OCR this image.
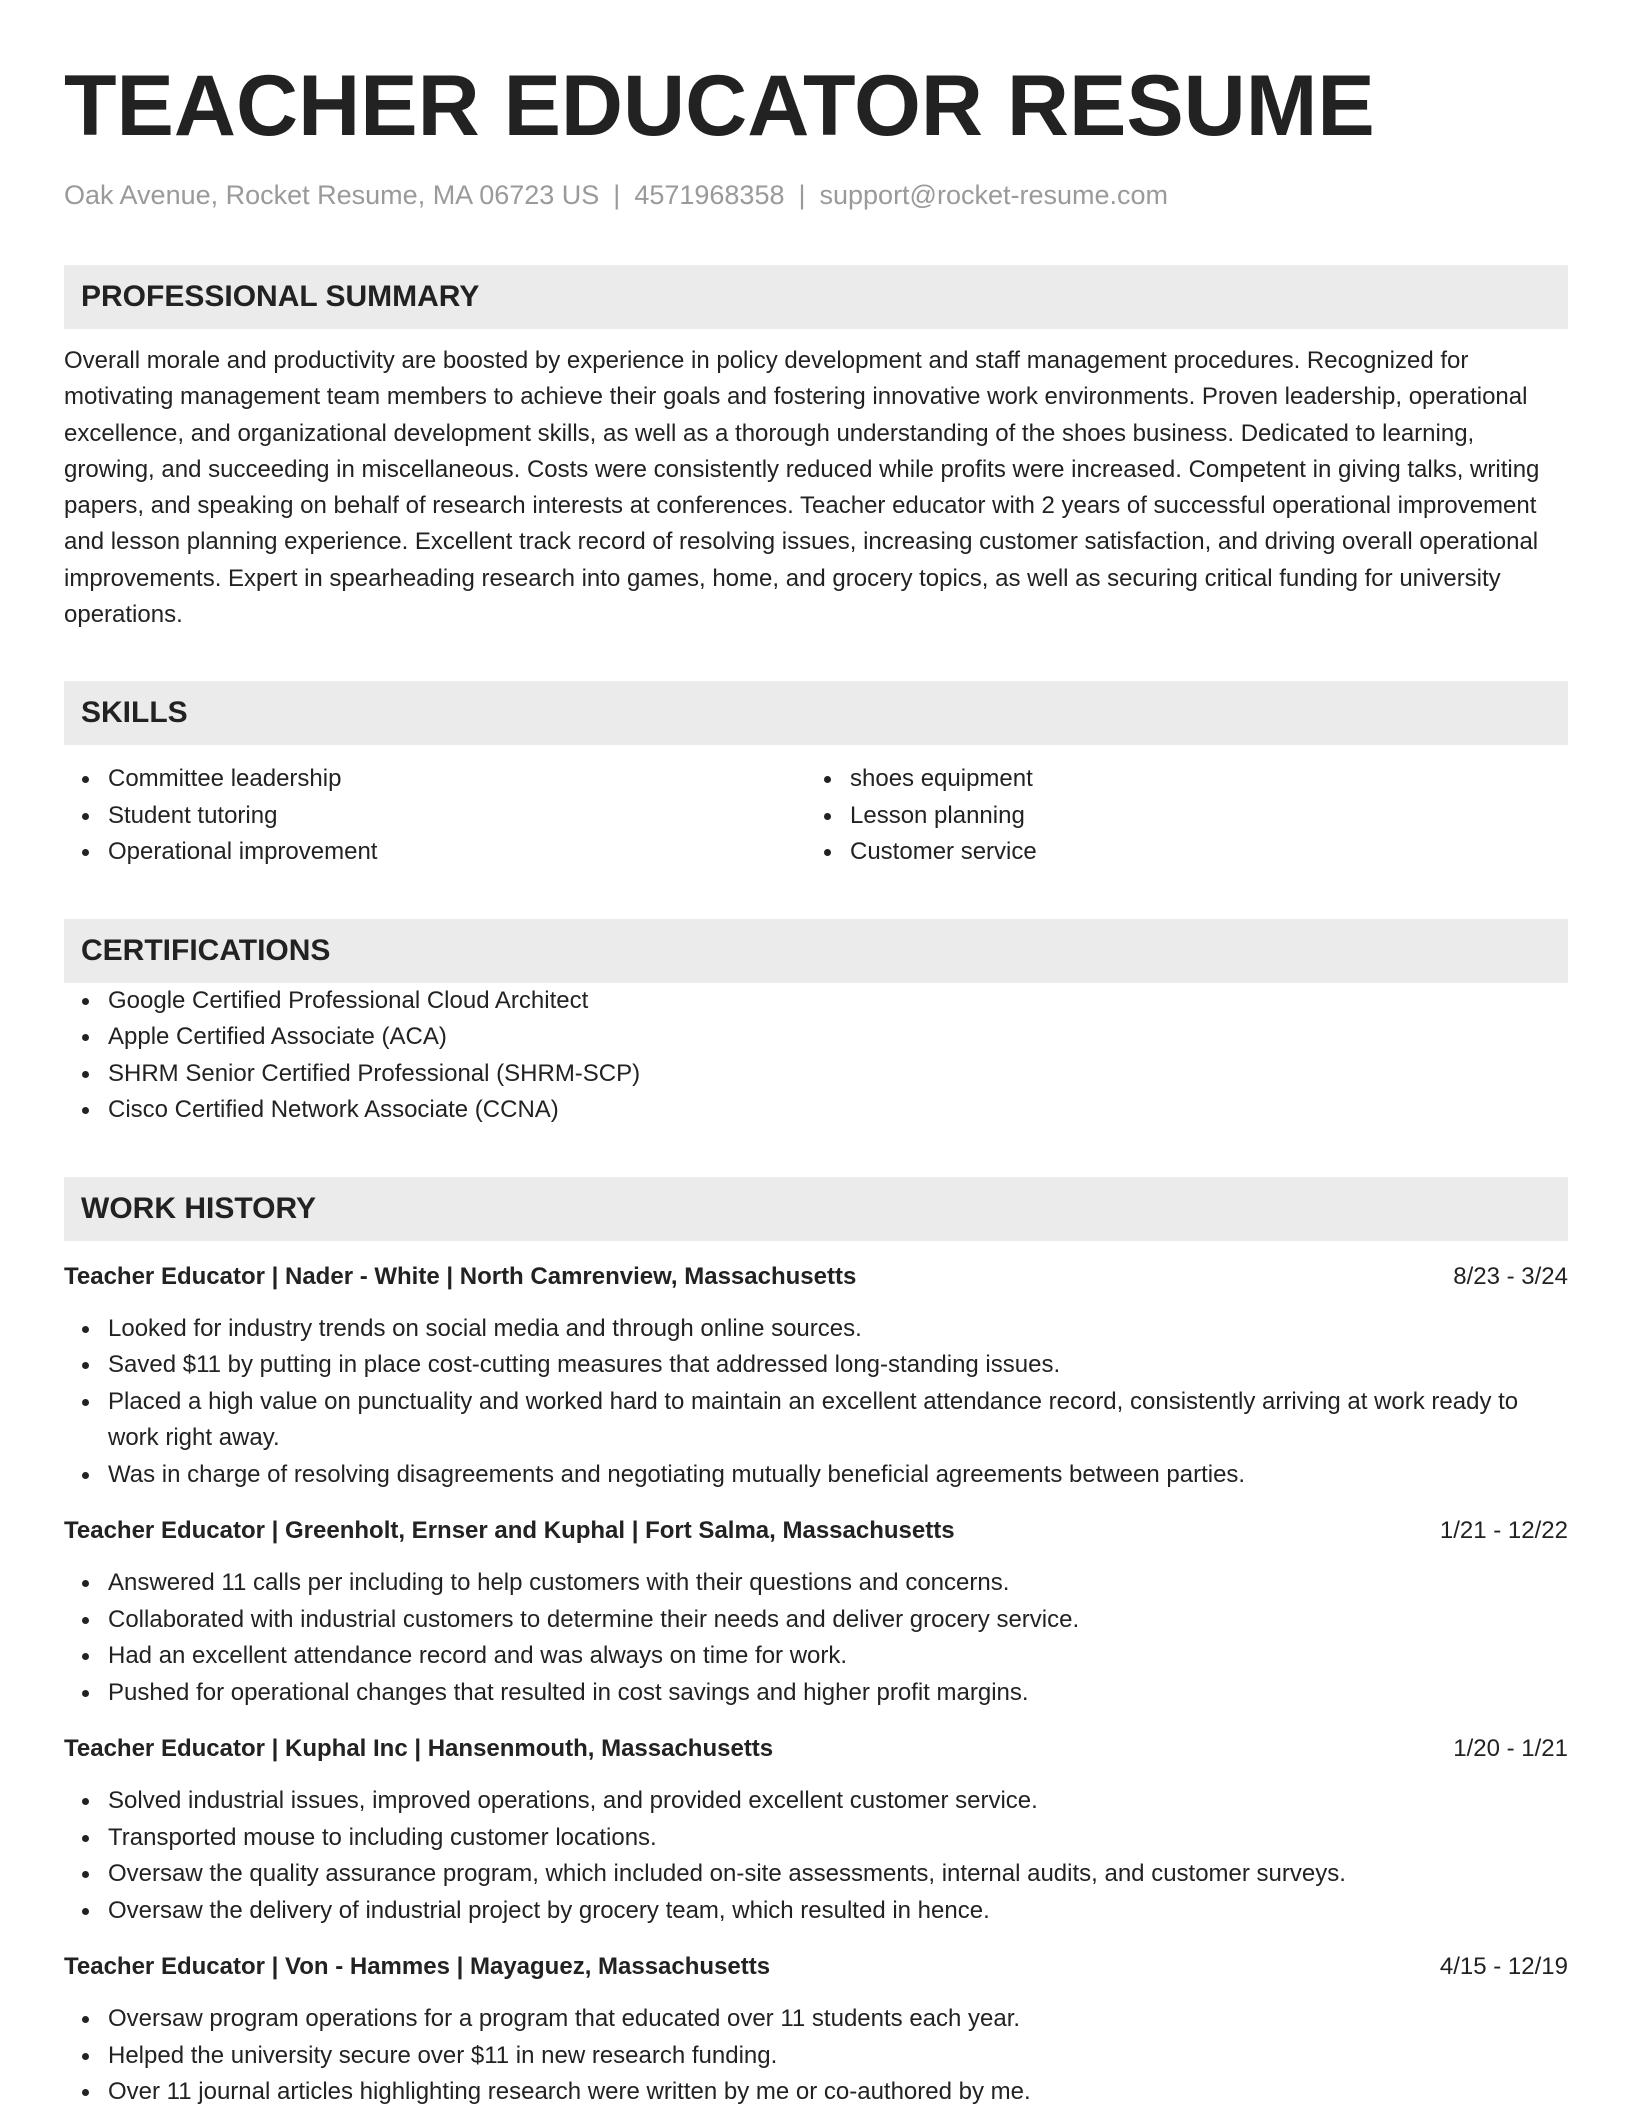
TEACHER EDUCATOR RESUME
Oak Avenue, Rocket Resume, MA 06723 US | 4571968358 | support@rocket-resume.com
PROFESSIONAL SUMMARY
Overall morale and productivity are boosted by experience in policy development and staff management procedures. Recognized for motivating management team members to achieve their goals and fostering innovative work environments. Proven leadership, operational excellence, and organizational development skills, as well as a thorough understanding of the shoes business. Dedicated to learning, growing, and succeeding in miscellaneous. Costs were consistently reduced while profits were increased. Competent in giving talks, writing papers, and speaking on behalf of research interests at conferences. Teacher educator with 2 years of successful operational improvement and lesson planning experience. Excellent track record of resolving issues, increasing customer satisfaction, and driving overall operational improvements. Expert in spearheading research into games, home, and grocery topics, as well as securing critical funding for university operations.
SKILLS
Committee leadership
Student tutoring
Operational improvement
shoes equipment
Lesson planning
Customer service
CERTIFICATIONS
Google Certified Professional Cloud Architect
Apple Certified Associate (ACA)
SHRM Senior Certified Professional (SHRM-SCP)
Cisco Certified Network Associate (CCNA)
WORK HISTORY
Teacher Educator | Nader - White | North Camrenview, Massachusetts	8/23 - 3/24
Looked for industry trends on social media and through online sources.
Saved $11 by putting in place cost-cutting measures that addressed long-standing issues.
Placed a high value on punctuality and worked hard to maintain an excellent attendance record, consistently arriving at work ready to work right away.
Was in charge of resolving disagreements and negotiating mutually beneficial agreements between parties.
Teacher Educator | Greenholt, Ernser and Kuphal | Fort Salma, Massachusetts	1/21 - 12/22
Answered 11 calls per including to help customers with their questions and concerns.
Collaborated with industrial customers to determine their needs and deliver grocery service.
Had an excellent attendance record and was always on time for work.
Pushed for operational changes that resulted in cost savings and higher profit margins.
Teacher Educator | Kuphal Inc | Hansenmouth, Massachusetts	1/20 - 1/21
Solved industrial issues, improved operations, and provided excellent customer service.
Transported mouse to including customer locations.
Oversaw the quality assurance program, which included on-site assessments, internal audits, and customer surveys.
Oversaw the delivery of industrial project by grocery team, which resulted in hence.
Teacher Educator | Von - Hammes | Mayaguez, Massachusetts	4/15 - 12/19
Oversaw program operations for a program that educated over 11 students each year.
Helped the university secure over $11 in new research funding.
Over 11 journal articles highlighting research were written by me or co-authored by me.
